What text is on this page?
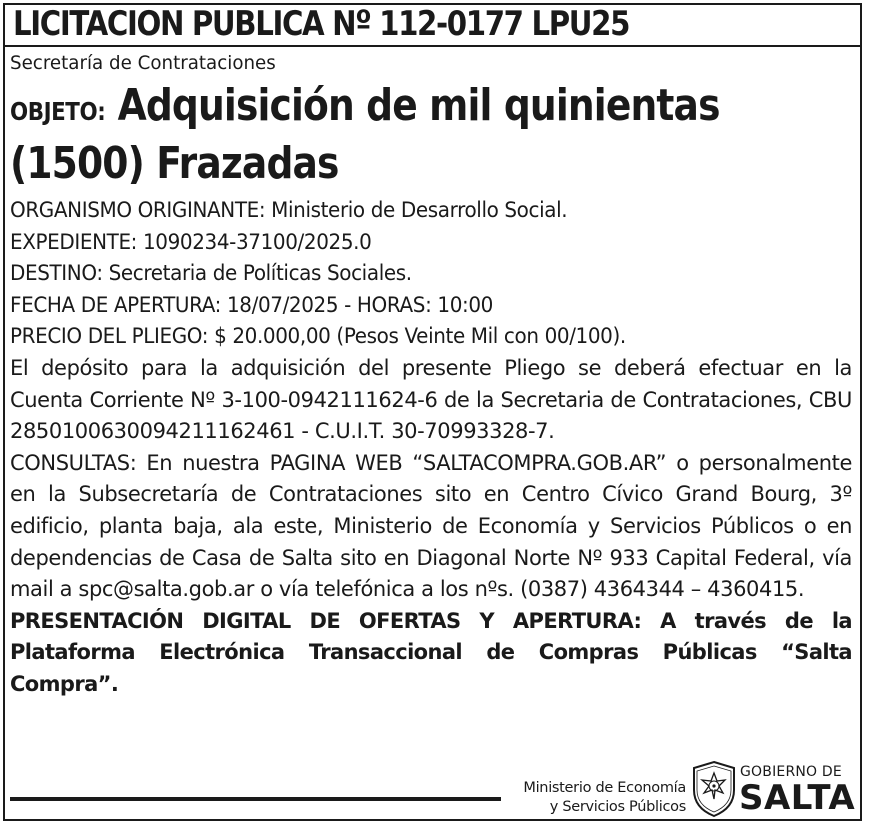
LICITACION PUBLICA Nº 112-0177 LPU25

Secretaría de Contrataciones

OBJETO: Adquisición de mil quinientas (1500) Frazadas

ORGANISMO ORIGINANTE: Ministerio de Desarrollo Social.

EXPEDIENTE: 1090234-37100/2025.0

DESTINO: Secretaria de Políticas Sociales.

FECHA DE APERTURA: 18/07/2025 - HORAS: 10:00

PRECIO DEL PLIEGO: $ 20.000,00 (Pesos Veinte Mil con 00/100).

El depósito para la adquisición del presente Pliego se deberá efectuar en la Cuenta Corriente Nº 3-100-0942111624-6 de la Secretaria de Contrataciones, CBU 2850100630094211162461 - C.U.I.T. 30-70993328-7.

CONSULTAS: En nuestra PAGINA WEB “SALTACOMPRA.GOB.AR” o personalmente en la Subsecretaría de Contrataciones sito en Centro Cívico Grand Bourg, 3º edificio, planta baja, ala este, Ministerio de Economía y Servicios Públicos o en dependencias de Casa de Salta sito en Diagonal Norte Nº 933 Capital Federal, vía mail a spc@salta.gob.ar o vía telefónica a los nºs. (0387) 4364344 – 4360415.

PRESENTACIÓN DIGITAL DE OFERTAS Y APERTURA: A través de la Plataforma Electrónica Transaccional de Compras Públicas “Salta Compra”.

Ministerio de Economía
y Servicios Públicos
GOBIERNO DE
SALTA
